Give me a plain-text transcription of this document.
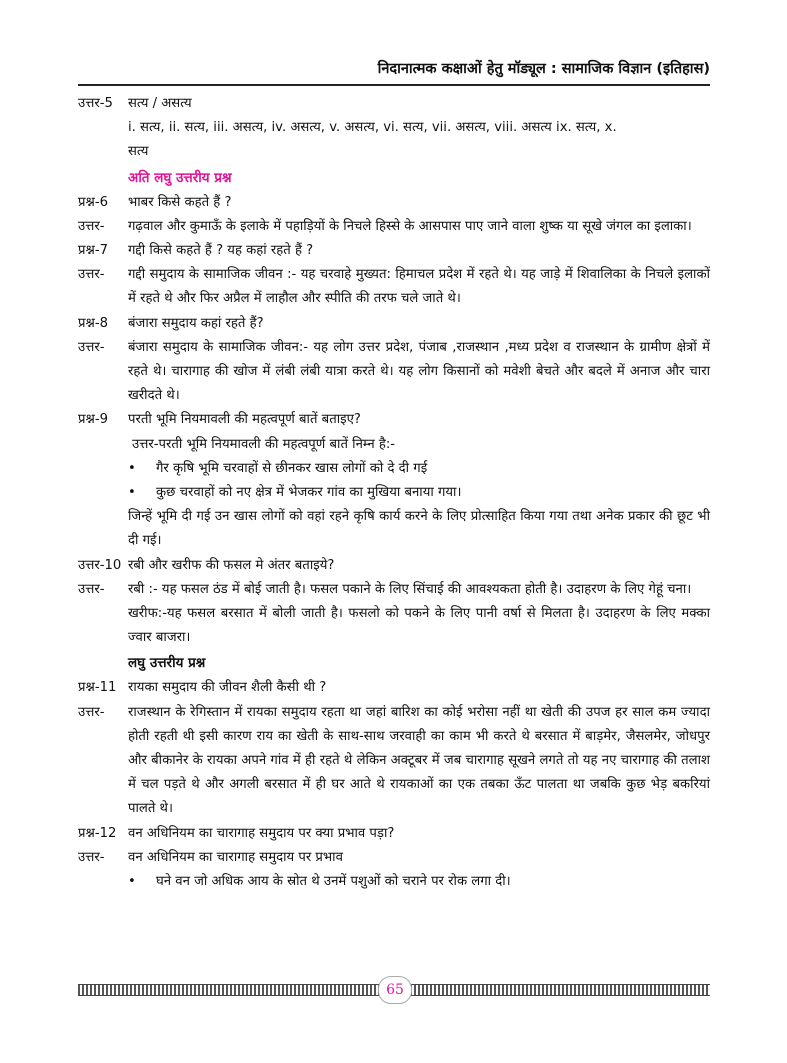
निदानात्मक कक्षाओं हेतु मॉड्यूल : सामाजिक विज्ञान (इतिहास)
उत्तर-5	सत्य / असत्य
i. सत्य, ii. सत्य, iii. असत्य, iv. असत्य, v. असत्य, vi. सत्य, vii. असत्य, viii. असत्य ix. सत्य, x.
सत्य
अति लघु उत्तरीय प्रश्न
प्रश्न-6	भाबर किसे कहते हैं ?
उत्तर-	गढ़वाल और कुमाऊँ के इलाके में पहाड़ियों के निचले हिस्से के आसपास पाए जाने वाला शुष्क या सूखे जंगल का इलाका।
प्रश्न-7	गद्दी किसे कहते हैं ? यह कहां रहते हैं ?
उत्तर-	गद्दी समुदाय के सामाजिक जीवन :- यह चरवाहे मुख्यत: हिमाचल प्रदेश में रहते थे। यह जाड़े में शिवालिका के निचले इलाकों में रहते थे और फिर अप्रैल में लाहौल और स्पीति की तरफ चले जाते थे।
प्रश्न-8	बंजारा समुदाय कहां रहते हैं?
उत्तर-	बंजारा समुदाय के सामाजिक जीवन:- यह लोग उत्तर प्रदेश, पंजाब ,राजस्थान ,मध्य प्रदेश व राजस्थान के ग्रामीण क्षेत्रों में रहते थे। चारागाह की खोज में लंबी लंबी यात्रा करते थे। यह लोग किसानों को मवेशी बेचते और बदले में अनाज और चारा खरीदते थे।
प्रश्न-9	परती भूमि नियमावली की महत्वपूर्ण बातें बताइए?
उत्तर-परती भूमि नियमावली की महत्वपूर्ण बातें निम्न है:-
•	गैर कृषि भूमि चरवाहों से छीनकर खास लोगों को दे दी गई
•	कुछ चरवाहों को नए क्षेत्र में भेजकर गांव का मुखिया बनाया गया।
जिन्हें भूमि दी गई उन खास लोगों को वहां रहने कृषि कार्य करने के लिए प्रोत्साहित किया गया तथा अनेक प्रकार की छूट भी दी गई।
उत्तर-10 रबी और खरीफ की फसल मे अंतर बताइये?
उत्तर-	रबी :- यह फसल ठंड में बोई जाती है। फसल पकाने के लिए सिंचाई की आवश्यकता होती है। उदाहरण के लिए गेहूं चना।
खरीफ:-यह फसल बरसात में बोली जाती है। फसलो को पकने के लिए पानी वर्षा से मिलता है। उदाहरण के लिए मक्का ज्वार बाजरा।
लघु उत्तरीय प्रश्न
प्रश्न-11 रायका समुदाय की जीवन शैली कैसी थी ?
उत्तर-	राजस्थान के रेगिस्तान में रायका समुदाय रहता था जहां बारिश का कोई भरोसा नहीं था खेती की उपज हर साल कम ज्यादा होती रहती थी इसी कारण राय का खेती के साथ-साथ जरवाही का काम भी करते थे बरसात में बाड़मेर, जैसलमेर, जोधपुर और बीकानेर के रायका अपने गांव में ही रहते थे लेकिन अक्टूबर में जब चारागाह सूखने लगते तो यह नए चारागाह की तलाश में चल पड़ते थे और अगली बरसात में ही घर आते थे रायकाओं का एक तबका ऊँट पालता था जबकि कुछ भेड़ बकरियां पालते थे।
प्रश्न-12 वन अधिनियम का चारागाह समुदाय पर क्या प्रभाव पड़ा?
उत्तर-	वन अधिनियम का चारागाह समुदाय पर प्रभाव
•	घने वन जो अधिक आय के स्रोत थे उनमें पशुओं को चराने पर रोक लगा दी।
65
